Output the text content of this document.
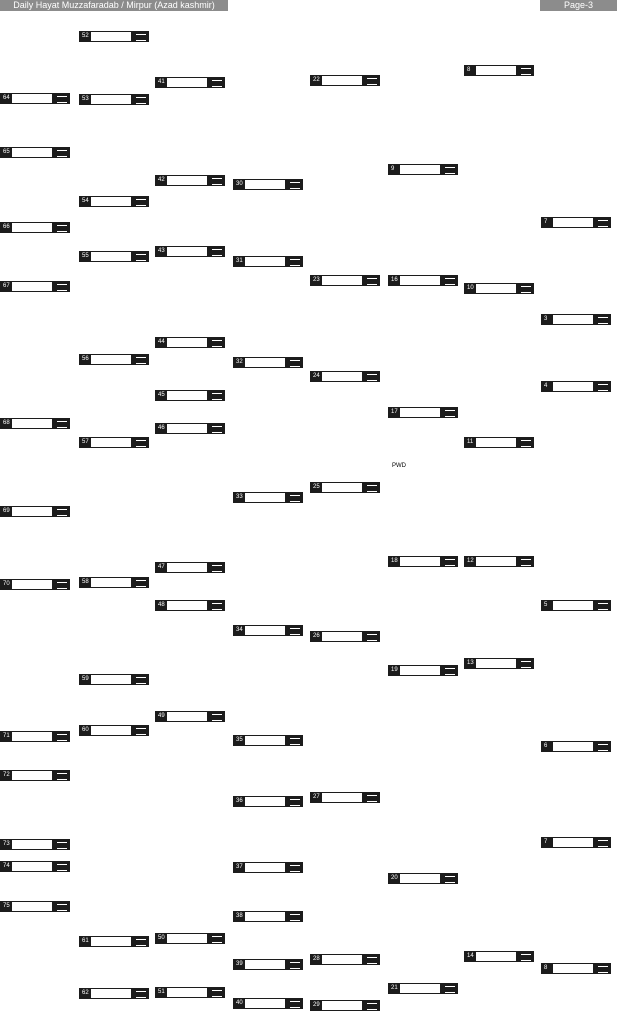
Daily Hayat Muzzafaradab / Mirpur (Azad kashmir)	Page-3
64
65
66
67
68
69
70
71
72
73
74
75
52
53
54
55
56
57
58
59
60
61
62
41
42
43
44
45
46
47
48
49
50
51
30
31
32
33
34
35
36
37
38
39
40
22
23
24
25
26
27
28
29
9
16
17
PWD
18
19
20
21
8
10
11
12
13
14
7
3
4
5
6
7
8
